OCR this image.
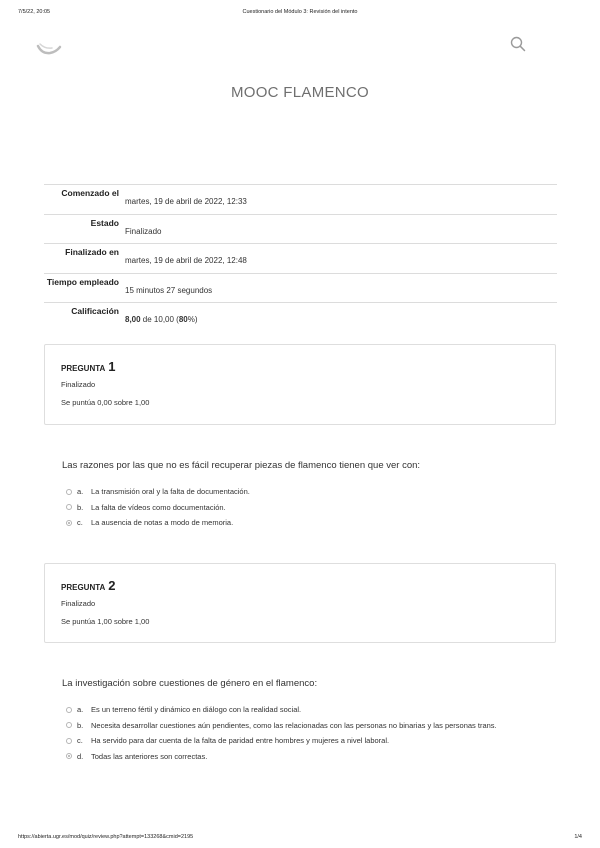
7/5/22, 20:05	Cuestionario del Módulo 3: Revisión del intento
MOOC FLAMENCO
Comenzado el
martes, 19 de abril de 2022, 12:33
Estado
Finalizado
Finalizado en
martes, 19 de abril de 2022, 12:48
Tiempo empleado
15 minutos 27 segundos
Calificación
8,00 de 10,00 (80%)
PREGUNTA 1
Finalizado
Se puntúa 0,00 sobre 1,00
Las razones por las que no es fácil recuperar piezas de flamenco tienen que ver con:
a. La transmisión oral y la falta de documentación.
b. La falta de vídeos como documentación.
c. La ausencia de notas a modo de memoria.
PREGUNTA 2
Finalizado
Se puntúa 1,00 sobre 1,00
La investigación sobre cuestiones de género en el flamenco:
a. Es un terreno fértil y dinámico en diálogo con la realidad social.
b. Necesita desarrollar cuestiones aún pendientes, como las relacionadas con las personas no binarias y las personas trans.
c. Ha servido para dar cuenta de la falta de paridad entre hombres y mujeres a nivel laboral.
d. Todas las anteriores son correctas.
https://abierta.ugr.es/mod/quiz/review.php?attempt=133268&cmid=2195	1/4
